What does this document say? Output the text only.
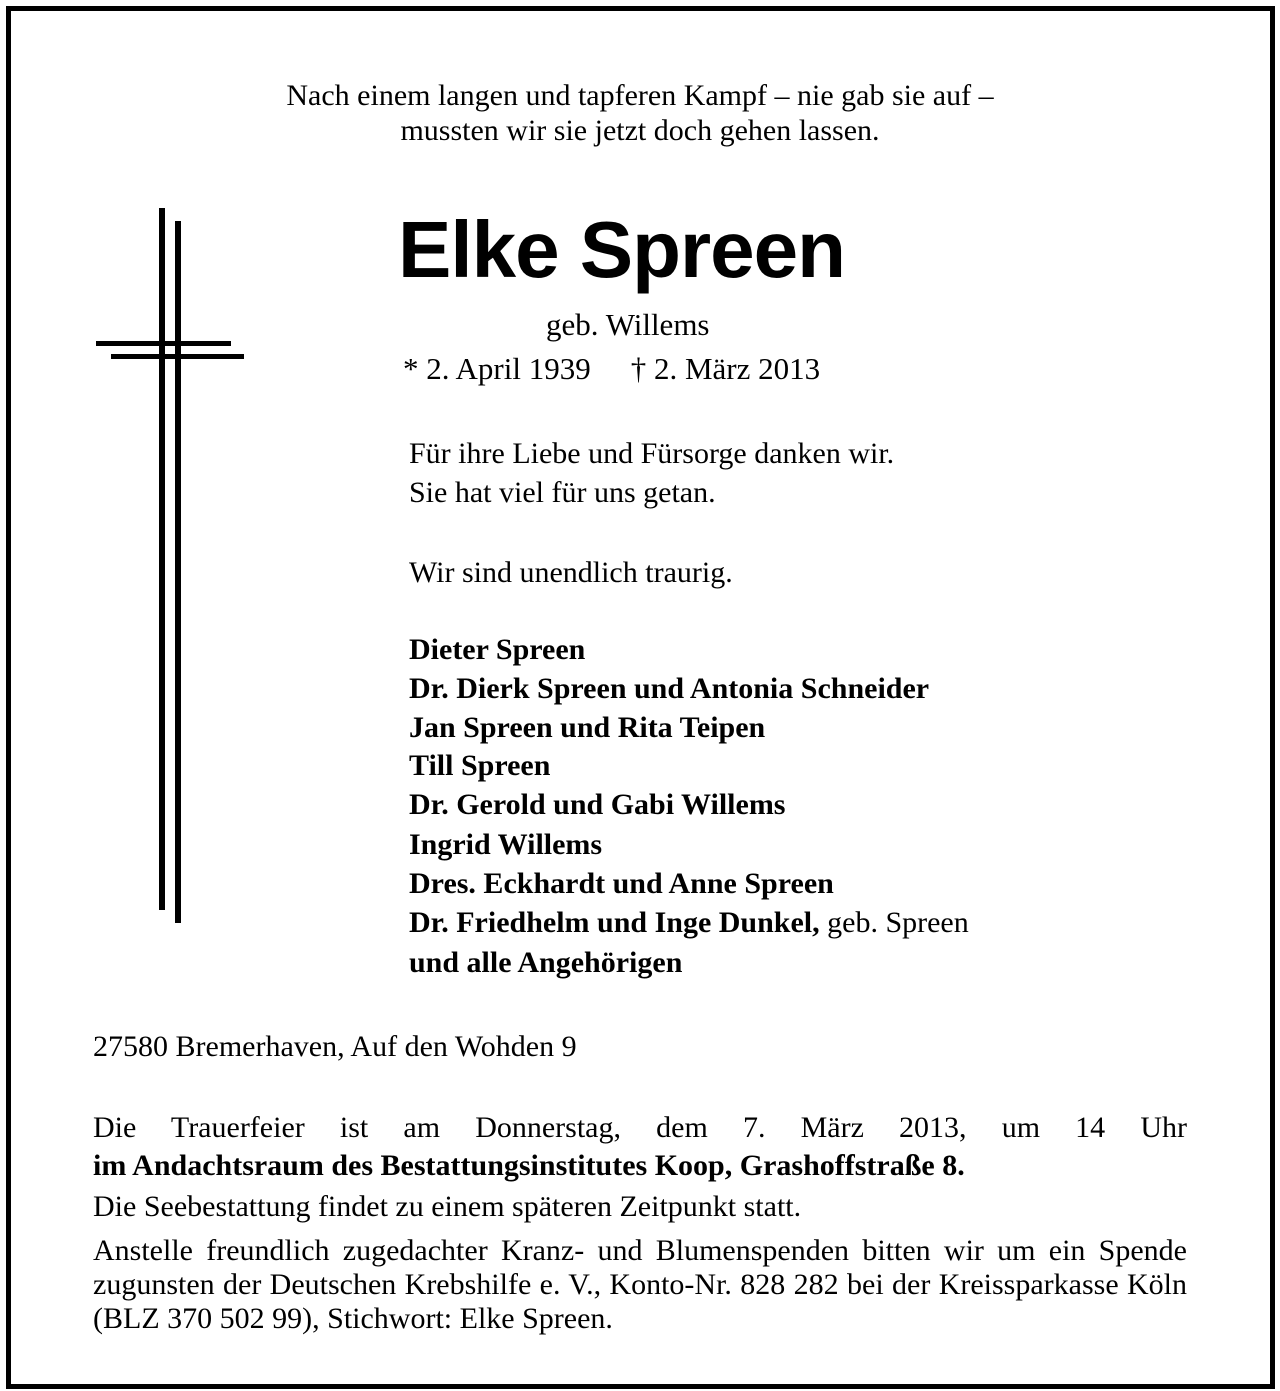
Nach einem langen und tapferen Kampf – nie gab sie auf –
mussten wir sie jetzt doch gehen lassen.
Elke Spreen
geb. Willems
* 2. April 1939 † 2. März 2013
Für ihre Liebe und Fürsorge danken wir.
Sie hat viel für uns getan.
Wir sind unendlich traurig.
Dieter Spreen
Dr. Dierk Spreen und Antonia Schneider
Jan Spreen und Rita Teipen
Till Spreen
Dr. Gerold und Gabi Willems
Ingrid Willems
Dres. Eckhardt und Anne Spreen
Dr. Friedhelm und Inge Dunkel, geb. Spreen
und alle Angehörigen
27580 Bremerhaven, Auf den Wohden 9
Die Trauerfeier ist am Donnerstag, dem 7. März 2013, um 14 Uhr
im Andachtsraum des Bestattungsinstitutes Koop, Grashoffstraße 8.
Die Seebestattung findet zu einem späteren Zeitpunkt statt.
Anstelle freundlich zugedachter Kranz- und Blumenspenden bitten wir um ein Spende zugunsten der Deutschen Krebshilfe e. V., Konto-Nr. 828 282 bei der Kreissparkasse Köln (BLZ 370 502 99), Stichwort: Elke Spreen.
